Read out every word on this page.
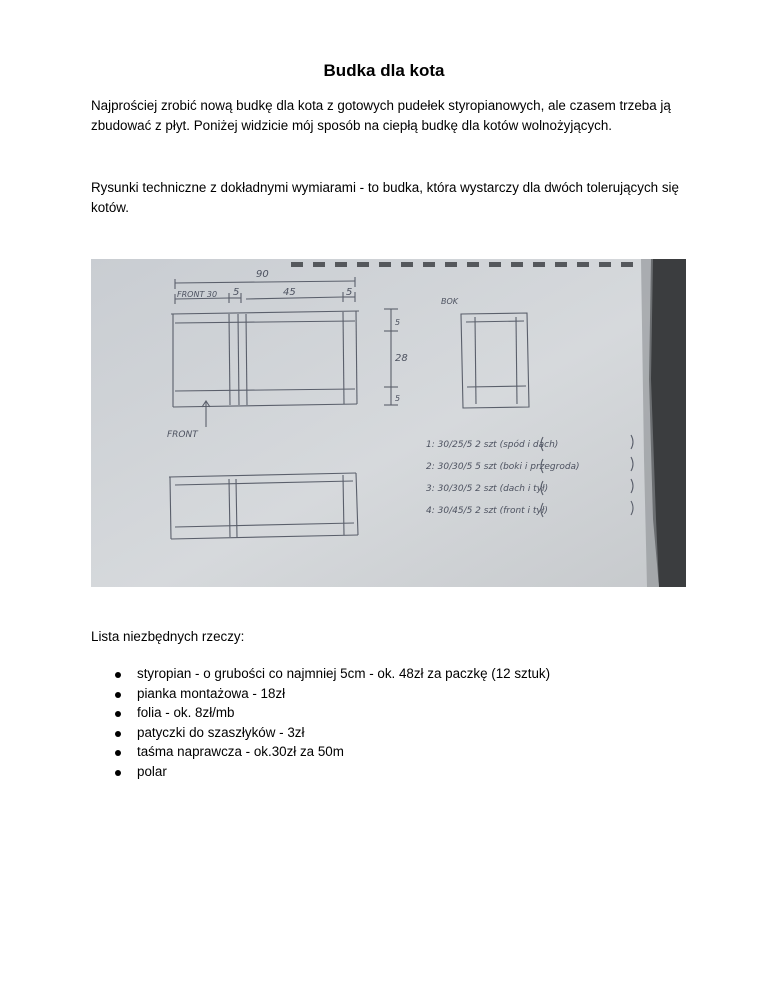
Budka dla kota
Najprościej zrobić nową budkę dla kota z gotowych pudełek styropianowych, ale czasem trzeba ją zbudować z płyt. Poniżej widzicie mój sposób na ciepłą budkę dla kotów wolnożyjących.
Rysunki techniczne z dokładnymi wymiarami - to budka, która wystarczy dla dwóch tolerujących się kotów.
90
FRONT 30 5	45	5
5
28
5
BOK
FRONT
1: 30/25/5 2 szt (spód i dach)
2: 30/30/5 5 szt (boki i przegroda)
3: 30/30/5 2 szt (dach i tył)
4: 30/45/5 2 szt (front i tył)
Lista niezbędnych rzeczy:
styropian - o grubości co najmniej 5cm - ok. 48zł za paczkę (12 sztuk)
pianka montażowa - 18zł
folia - ok. 8zł/mb
patyczki do szaszłyków - 3zł
taśma naprawcza - ok.30zł za 50m
polar
